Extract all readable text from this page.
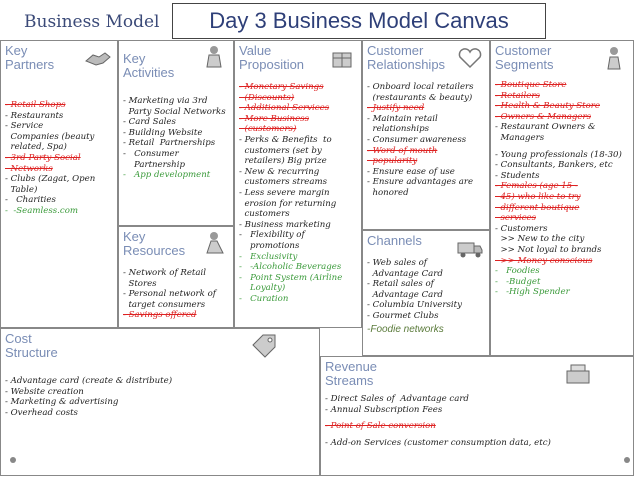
Business Model	Day 3 Business Model Canvas
Key Partners
- Retail Shops
- Restaurants
- Service
Companies (beauty
related, Spa)
- 3rd Party Social
Networks
- Clubs (Zagat, Open
Table)
-   Charities
-  -Seamless.com
Key Activities
- Marketing via 3rd
Party Social Networks
- Card Sales
- Building Website
- Retail  Partnerships
-   Consumer
Partnership
-   App development
Key Resources
- Network of Retail
Stores
- Personal network of
target consumers
- Savings offered
Value Proposition
- Monetary Savings
(Discounts)
- Additional Services
- More Business
(customers)
- Perks & Benefits  to
customers (set by
retailers) Big prize
- New & recurring
customers streams
- Less severe margin
erosion for returning
customers
- Business marketing
-   Flexibility of
promotions
-   Exclusivity
-   -Alcoholic Beverages
-   Point System (Airline
Loyalty)
-   Curation
Customer Relationships
- Onboard local retailers
(restaurants & beauty)
- Justify need
- Maintain retail
relationships
- Consumer awareness
- Word of mouth
popularity
- Ensure ease of use
- Ensure advantages are
honored
Channels
- Web sales of
Advantage Card
- Retail sales of
Advantage Card
- Columbia University
- Gourmet Clubs
-Foodie networks
Customer Segments
- Boutique Store
- Retailers
- Health & Beauty Store
- Owners & Managers
- Restaurant Owners &
Managers
- Young professionals (18-30)
- Consultants, Bankers, etc
- Students
- Females (age 15 -
45) who like to try
different boutique
services
- Customers
>> New to the city
>> Not loyal to brands
>> Money conscious
-   Foodies
-   -Budget
-   -High Spender
Cost Structure
- Advantage card (create & distribute)
- Website creation
- Marketing & advertising
- Overhead costs
Revenue Streams
- Direct Sales of  Advantage card
- Annual Subscription Fees
- Point of Sale conversion
- Add-on Services (customer consumption data, etc)
